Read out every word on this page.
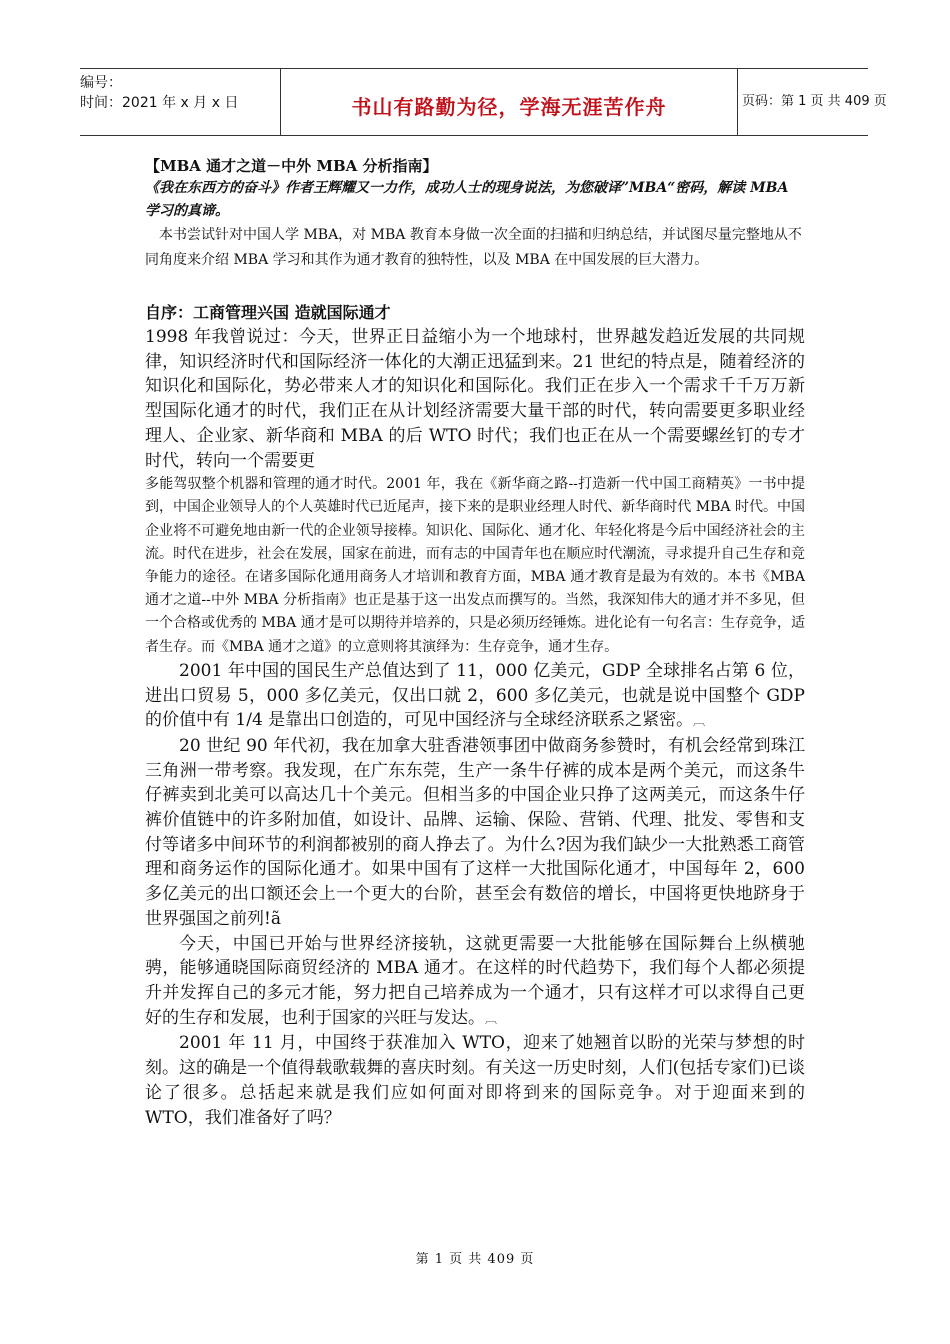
编号：
时间：2021 年 x 月 x 日	书山有路勤为径，学海无涯苦作舟	页码：第 1 页 共 409 页

【MBA 通才之道－中外 MBA 分析指南】

《我在东西方的奋斗》作者王辉耀又一力作，成功人士的现身说法，为您破译”MBA“密码，解读 MBA 学习的真谛。

本书尝试针对中国人学 MBA，对 MBA 教育本身做一次全面的扫描和归纳总结，并试图尽量完整地从不同角度来介绍 MBA 学习和其作为通才教育的独特性，以及 MBA 在中国发展的巨大潜力。

自序：工商管理兴国 造就国际通才

1998 年我曾说过：今天，世界正日益缩小为一个地球村，世界越发趋近发展的共同规律，知识经济时代和国际经济一体化的大潮正迅猛到来。21 世纪的特点是，随着经济的知识化和国际化，势必带来人才的知识化和国际化。我们正在步入一个需求千千万万新型国际化通才的时代，我们正在从计划经济需要大量干部的时代，转向需要更多职业经理人、企业家、新华商和 MBA 的后 WTO 时代；我们也正在从一个需要螺丝钉的专才时代，转向一个需要更

多能驾驭整个机器和管理的通才时代。2001 年，我在《新华商之路--打造新一代中国工商精英》一书中提到，中国企业领导人的个人英雄时代已近尾声，接下来的是职业经理人时代、新华商时代 MBA 时代。中国企业将不可避免地由新一代的企业领导接棒。知识化、国际化、通才化、年轻化将是今后中国经济社会的主流。时代在进步，社会在发展，国家在前进，而有志的中国青年也在顺应时代潮流，寻求提升自己生存和竞争能力的途径。在诸多国际化通用商务人才培训和教育方面，MBA 通才教育是最为有效的。本书《MBA 通才之道--中外 MBA 分析指南》也正是基于这一出发点而撰写的。当然，我深知伟大的通才并不多见，但一个合格或优秀的 MBA 通才是可以期待并培养的，只是必须历经锤炼。进化论有一句名言：生存竞争，适者生存。而《MBA 通才之道》的立意则将其演绎为：生存竞争，通才生存。

2001 年中国的国民生产总值达到了 11，000 亿美元，GDP 全球排名占第 6 位，进出口贸易 5，000 多亿美元，仅出口就 2，600 多亿美元，也就是说中国整个 GDP 的价值中有 1/4 是靠出口创造的，可见中国经济与全球经济联系之紧密。︹

20 世纪 90 年代初，我在加拿大驻香港领事团中做商务参赞时，有机会经常到珠江三角洲一带考察。我发现，在广东东莞，生产一条牛仔裤的成本是两个美元，而这条牛仔裤卖到北美可以高达几十个美元。但相当多的中国企业只挣了这两美元，而这条牛仔裤价值链中的许多附加值，如设计、品牌、运输、保险、营销、代理、批发、零售和支付等诸多中间环节的利润都被别的商人挣去了。为什么?因为我们缺少一大批熟悉工商管理和商务运作的国际化通才。如果中国有了这样一大批国际化通才，中国每年 2，600 多亿美元的出口额还会上一个更大的台阶，甚至会有数倍的增长，中国将更快地跻身于世界强国之前列!ã

今天，中国已开始与世界经济接轨，这就更需要一大批能够在国际舞台上纵横驰骋，能够通晓国际商贸经济的 MBA 通才。在这样的时代趋势下，我们每个人都必须提升并发挥自己的多元才能，努力把自己培养成为一个通才，只有这样才可以求得自己更好的生存和发展，也利于国家的兴旺与发达。︹

2001 年 11 月，中国终于获准加入 WTO，迎来了她翘首以盼的光荣与梦想的时刻。这的确是一个值得载歌载舞的喜庆时刻。有关这一历史时刻，人们(包括专家们)已谈论了很多。总括起来就是我们应如何面对即将到来的国际竞争。对于迎面来到的 WTO，我们准备好了吗？

第 1 页 共 409 页
